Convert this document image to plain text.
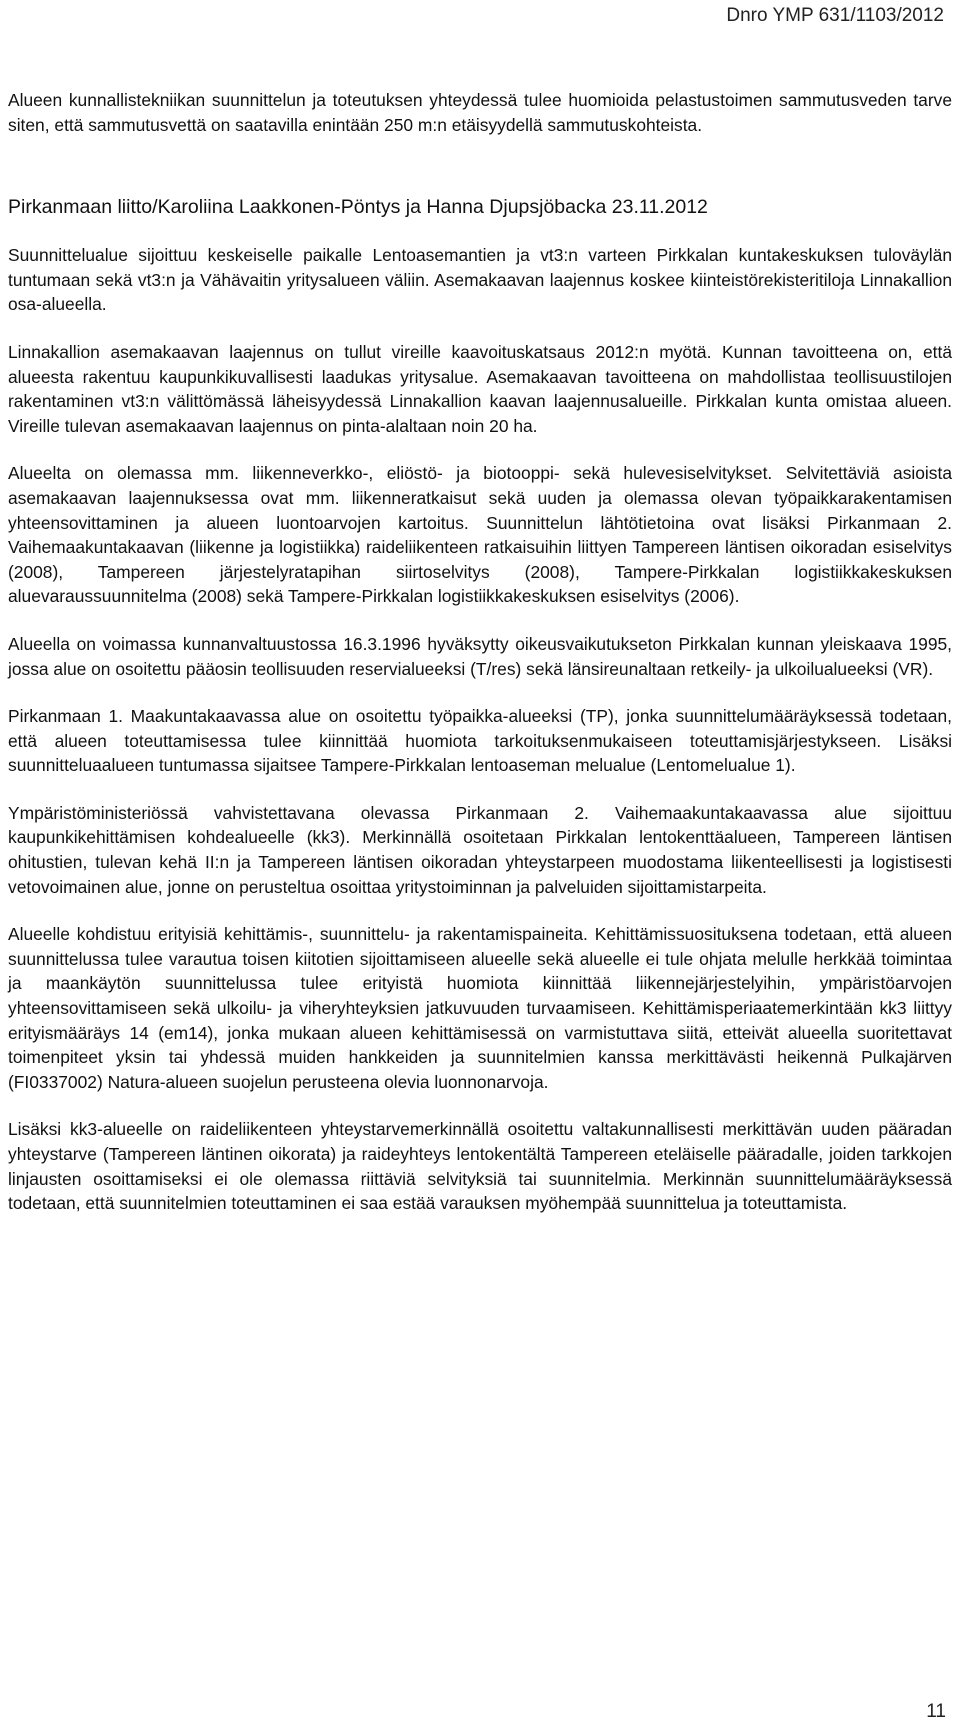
Dnro YMP 631/1103/2012

Alueen kunnallistekniikan suunnittelun ja toteutuksen yhteydessä tulee huomioida pelastustoimen sammutusveden tarve siten, että sammutusvettä on saatavilla enintään 250 m:n etäisyydellä sammutuskohteista.

Pirkanmaan liitto/Karoliina Laakkonen-Pöntys ja Hanna Djupsjöbacka 23.11.2012

Suunnittelualue sijoittuu keskeiselle paikalle Lentoasemantien ja vt3:n varteen Pirkkalan kuntakeskuksen tuloväylän tuntumaan sekä vt3:n ja Vähävaitin yritysalueen väliin. Asemakaavan laajennus koskee kiinteistörekisteritiloja Linnakallion osa-alueella.

Linnakallion asemakaavan laajennus on tullut vireille kaavoituskatsaus 2012:n myötä. Kunnan tavoitteena on, että alueesta rakentuu kaupunkikuvallisesti laadukas yritysalue. Asemakaavan tavoitteena on mahdollistaa teollisuustilojen rakentaminen vt3:n välittömässä läheisyydessä Linnakallion kaavan laajennusalueille. Pirkkalan kunta omistaa alueen. Vireille tulevan asemakaavan laajennus on pinta-alaltaan noin 20 ha.

Alueelta on olemassa mm. liikenneverkko-, eliöstö- ja biotooppi- sekä hulevesiselvitykset. Selvitettäviä asioista asemakaavan laajennuksessa ovat mm. liikenneratkaisut sekä uuden ja olemassa olevan työpaikkarakentamisen yhteensovittaminen ja alueen luontoarvojen kartoitus. Suunnittelun lähtötietoina ovat lisäksi Pirkanmaan 2. Vaihemaakuntakaavan (liikenne ja logistiikka) raideliikenteen ratkaisuihin liittyen Tampereen läntisen oikoradan esiselvitys (2008), Tampereen järjestelyratapihan siirtoselvitys (2008), Tampere-Pirkkalan logistiikkakeskuksen aluevaraussuunnitelma (2008) sekä Tampere-Pirkkalan logistiikkakeskuksen esiselvitys (2006).

Alueella on voimassa kunnanvaltuustossa 16.3.1996 hyväksytty oikeusvaikutukseton Pirkkalan kunnan yleiskaava 1995, jossa alue on osoitettu pääosin teollisuuden reservialueeksi (T/res) sekä länsireunaltaan retkeily- ja ulkoilualueeksi (VR).

Pirkanmaan 1. Maakuntakaavassa alue on osoitettu työpaikka-alueeksi (TP), jonka suunnittelumääräyksessä todetaan, että alueen toteuttamisessa tulee kiinnittää huomiota tarkoituksenmukaiseen toteuttamisjärjestykseen. Lisäksi suunnitteluaalueen tuntumassa sijaitsee Tampere-Pirkkalan lentoaseman melualue (Lentomelualue 1).

Ympäristöministeriössä vahvistettavana olevassa Pirkanmaan 2. Vaihemaakuntakaavassa alue sijoittuu kaupunkikehittämisen kohdealueelle (kk3). Merkinnällä osoitetaan Pirkkalan lentokenttäalueen, Tampereen läntisen ohitustien, tulevan kehä II:n ja Tampereen läntisen oikoradan yhteystarpeen muodostama liikenteellisesti ja logistisesti vetovoimainen alue, jonne on perusteltua osoittaa yritystoiminnan ja palveluiden sijoittamistarpeita.

Alueelle kohdistuu erityisiä kehittämis-, suunnittelu- ja rakentamispaineita. Kehittämissuosituksena todetaan, että alueen suunnittelussa tulee varautua toisen kiitotien sijoittamiseen alueelle sekä alueelle ei tule ohjata melulle herkkää toimintaa ja maankäytön suunnittelussa tulee erityistä huomiota kiinnittää liikennejärjestelyihin, ympäristöarvojen yhteensovittamiseen sekä ulkoilu- ja viheryhteyksien jatkuvuuden turvaamiseen. Kehittämisperiaatemerkintään kk3 liittyy erityismääräys 14 (em14), jonka mukaan alueen kehittämisessä on varmistuttava siitä, etteivät alueella suoritettavat toimenpiteet yksin tai yhdessä muiden hankkeiden ja suunnitelmien kanssa merkittävästi heikennä Pulkajärven (FI0337002) Natura-alueen suojelun perusteena olevia luonnonarvoja.

Lisäksi kk3-alueelle on raideliikenteen yhteystarvemerkinnällä osoitettu valtakunnallisesti merkittävän uuden pääradan yhteystarve (Tampereen läntinen oikorata) ja raideyhteys lentokentältä Tampereen eteläiselle pääradalle, joiden tarkkojen linjausten osoittamiseksi ei ole olemassa riittäviä selvityksiä tai suunnitelmia. Merkinnän suunnittelumääräyksessä todetaan, että suunnitelmien toteuttaminen ei saa estää varauksen myöhempää suunnittelua ja toteuttamista.

11
